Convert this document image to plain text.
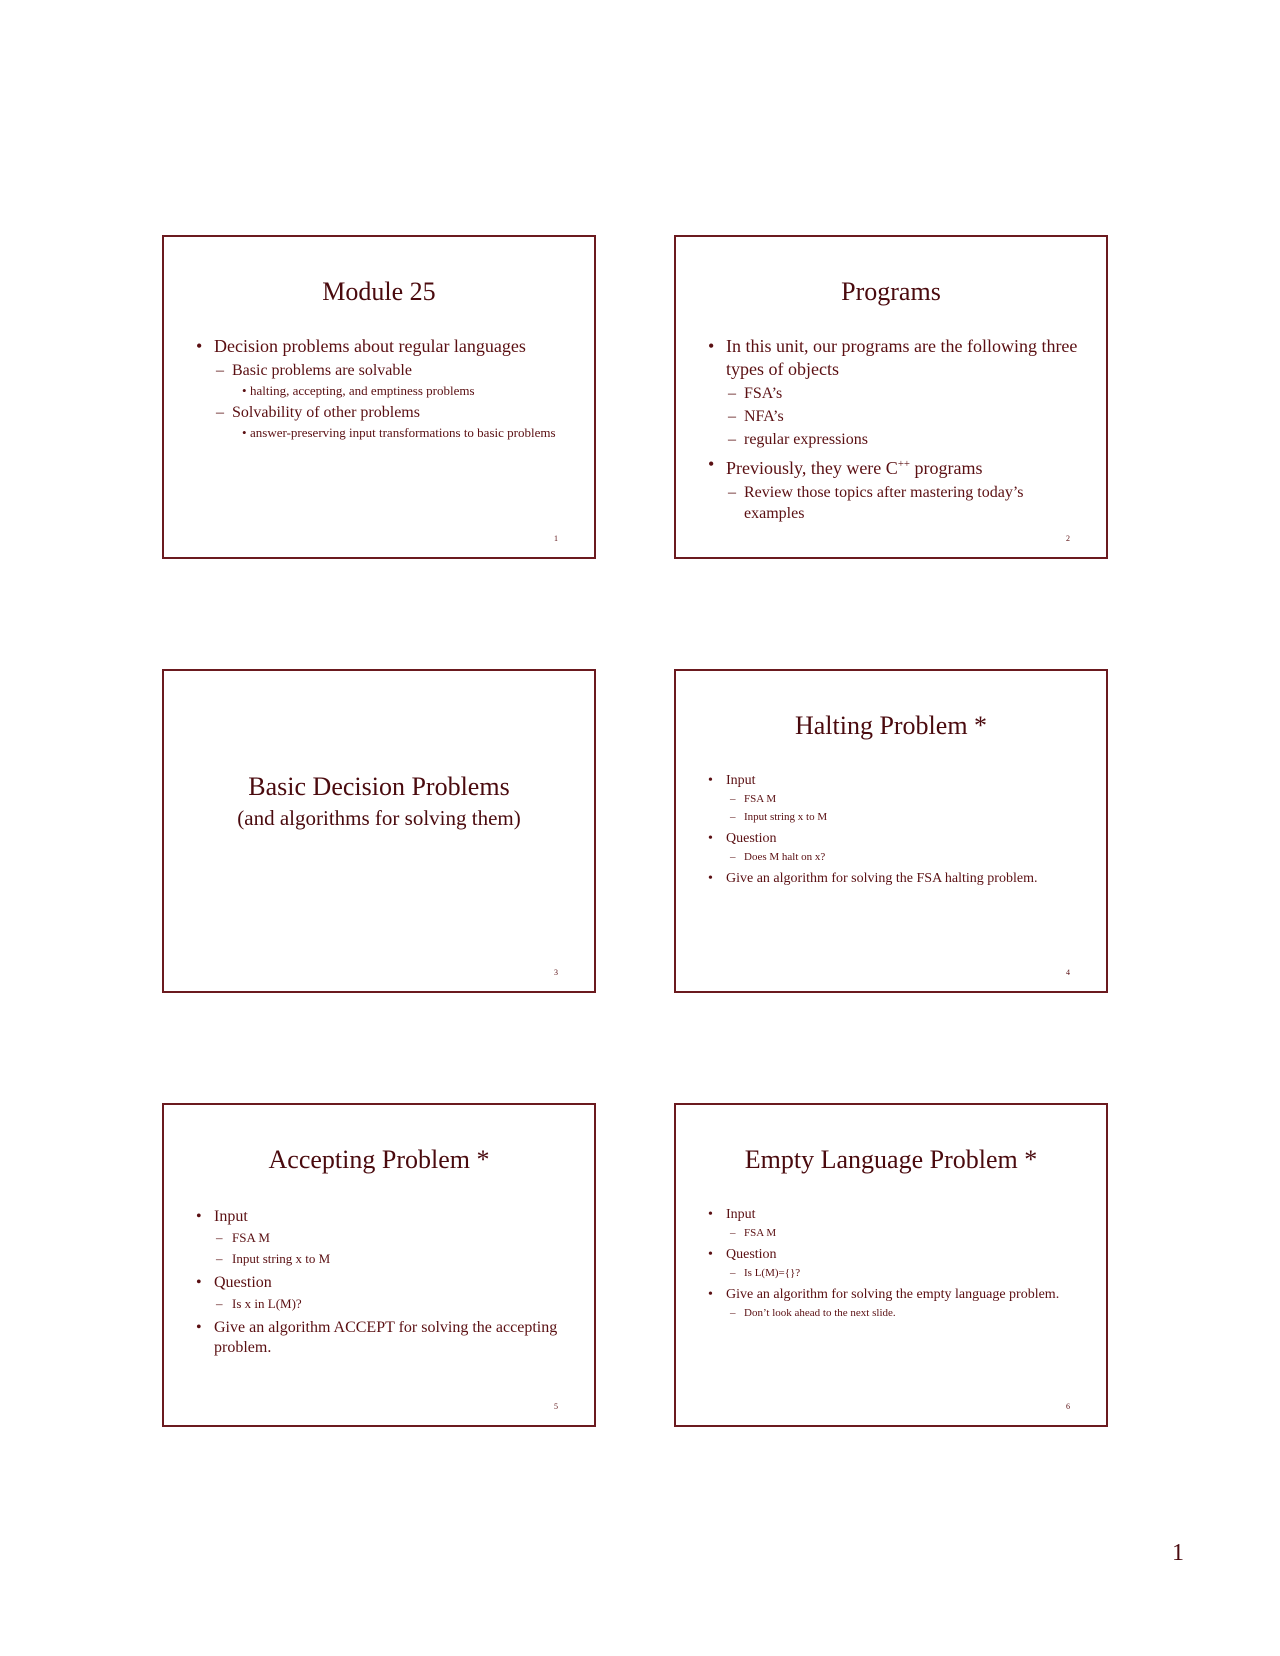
Module 25
• Decision problems about regular languages
– Basic problems are solvable
• halting, accepting, and emptiness problems
– Solvability of other problems
• answer-preserving input transformations to basic problems
1
Programs
• In this unit, our programs are the following three types of objects
– FSA’s
– NFA’s
– regular expressions
• Previously, they were C++ programs
– Review those topics after mastering today’s examples
2
Basic Decision Problems
(and algorithms for solving them)
3
Halting Problem *
• Input
– FSA M
– Input string x to M
• Question
– Does M halt on x?
• Give an algorithm for solving the FSA halting problem.
4
Accepting Problem *
• Input
– FSA M
– Input string x to M
• Question
– Is x in L(M)?
• Give an algorithm ACCEPT for solving the accepting problem.
5
Empty Language Problem *
• Input
– FSA M
• Question
– Is L(M)={}?
• Give an algorithm for solving the empty language problem.
– Don’t look ahead to the next slide.
6
1
